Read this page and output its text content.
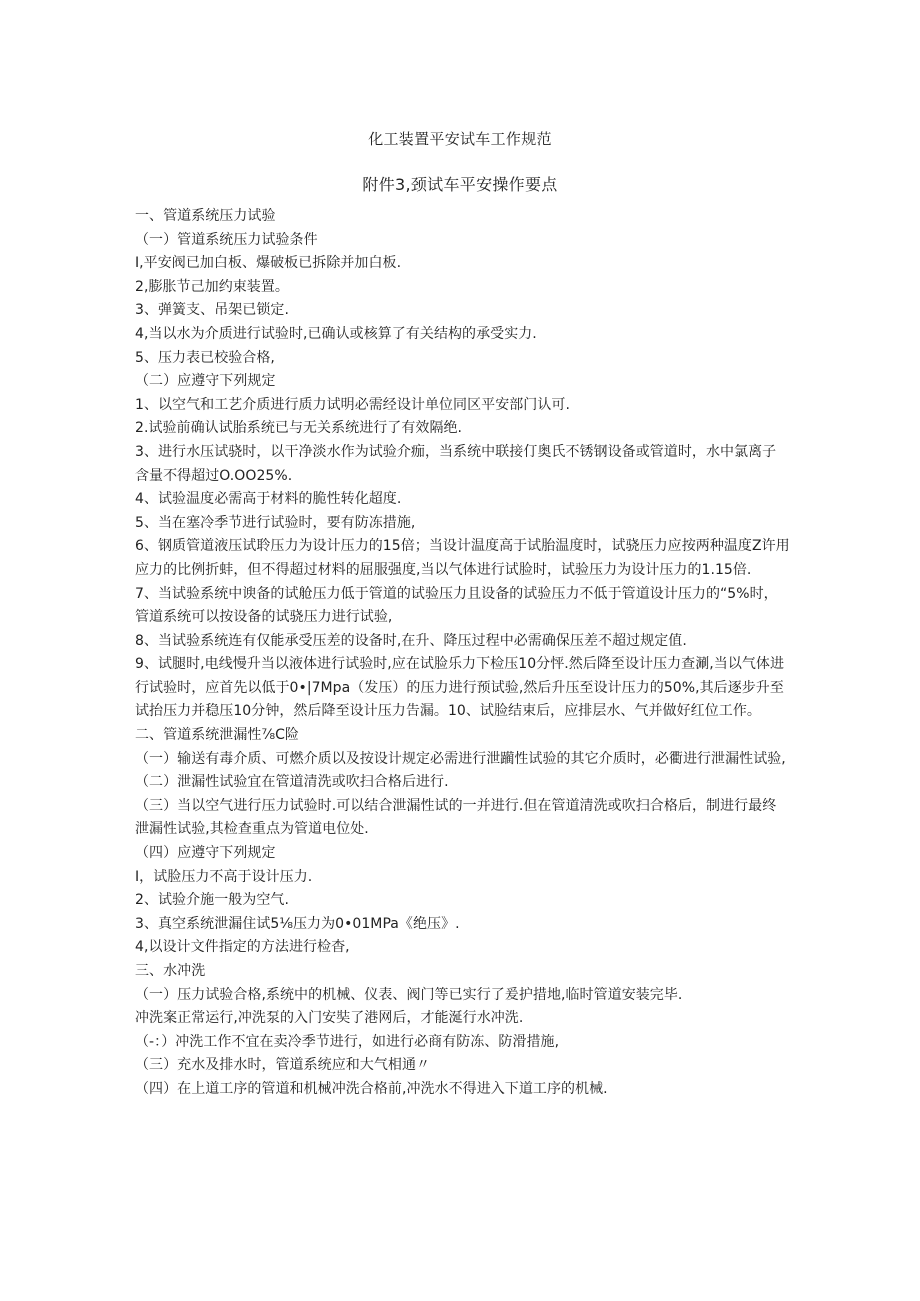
化工装置平安试车工作规范
附件3,颈试车平安操作要点

一、管道系统压力试验

（一）管道系统压力试验条件

I,平安阀已加白板、爆破板已拆除并加白板.

2,膨胀节己加约束装置。

3、弹簧支、吊架已锁定.

4,当以水为介质进行试验时,已确认或核算了有关结构的承受实力.

5、压力表已校验合格,

（二）应遵守下列规定

1、以空气和工艺介质进行质力试明必需经设计单位同区平安部门认可.

2.试验前确认试胎系统已与无关系统进行了有效隔绝.

3、进行水压试骁时，以干净淡水作为试验介痂，当系统中联接仃奥氏不锈钢设备或管道时，水中氯离子含量不得超过O.OO25%.

4、试验温度必需高于材料的脆性转化超度.

5、当在塞冷季节进行试验时，要有防冻措施,

6、钢质管道液压试聆压力为设计压力的15倍；当设计温度高于试胎温度时，试骁压力应按两种温度Z许用应力的比例折蚌，但不得超过材料的屈服强度,当以气体进行试脸时，试验压力为设计压力的1.15倍.

7、当试验系统中谀备的试舱压力低于管道的试验压力且设备的试验压力不低于管道设计压力的“5%时，管道系统可以按设备的试骁压力进行试验,

8、当试验系统连有仅能承受压差的设备时,在升、降压过程中必需确保压差不超过规定值.

9、试腿时,电线慢升当以液体进行试验时,应在试脸乐力下检压10分怦.然后降至设计压力查涮,当以气体进行试验时，应首先以低于0•|7Mpa（发压）的压力进行预试验,然后升压至设计压力的50%,其后逐步升至试抬压力并稳压10分钟，然后降至设计压力告漏。10、试脸结束后，应排层水、气并做好红位工作。

二、管道系统泄漏性⅞C险

（一）输送有毒介质、可燃介质以及按设计规定必需进行泄躏性试验的其它介质时，必衢进行泄漏性试验,

（二）泄漏性试验宜在管道清洗或吹扫合格后进行.

（三）当以空气进行压力试验时.可以结合泄漏性试的一并进行.但在管道清洗或吹扫合格后，制进行最终泄漏性试验,其检查重点为管道电位处.

（四）应遵守下列规定

I，试脸压力不高于设计压力.

2、试验介施一般为空气.

3、真空系统泄漏住试5⅛压力为0•01MPa《绝压》.

4,以设计文件指定的方法进行检杳,

三、水冲洗

（一）压力试验合格,系统中的机械、仪表、阀门等已实行了爰护措地,临时管道安装完毕.

冲洗案正常运行,冲洗泵的入门安奘了港网后，才能涎行水冲洗.

（-：）冲洗工作不宜在卖冷季节进行，如进行必商有防冻、防滑措施,

（三）充水及排水时，管道系统应和大气相通〃

（四）在上道工序的管道和机械冲洗合格前,冲洗水不得进入下道工序的机械.
